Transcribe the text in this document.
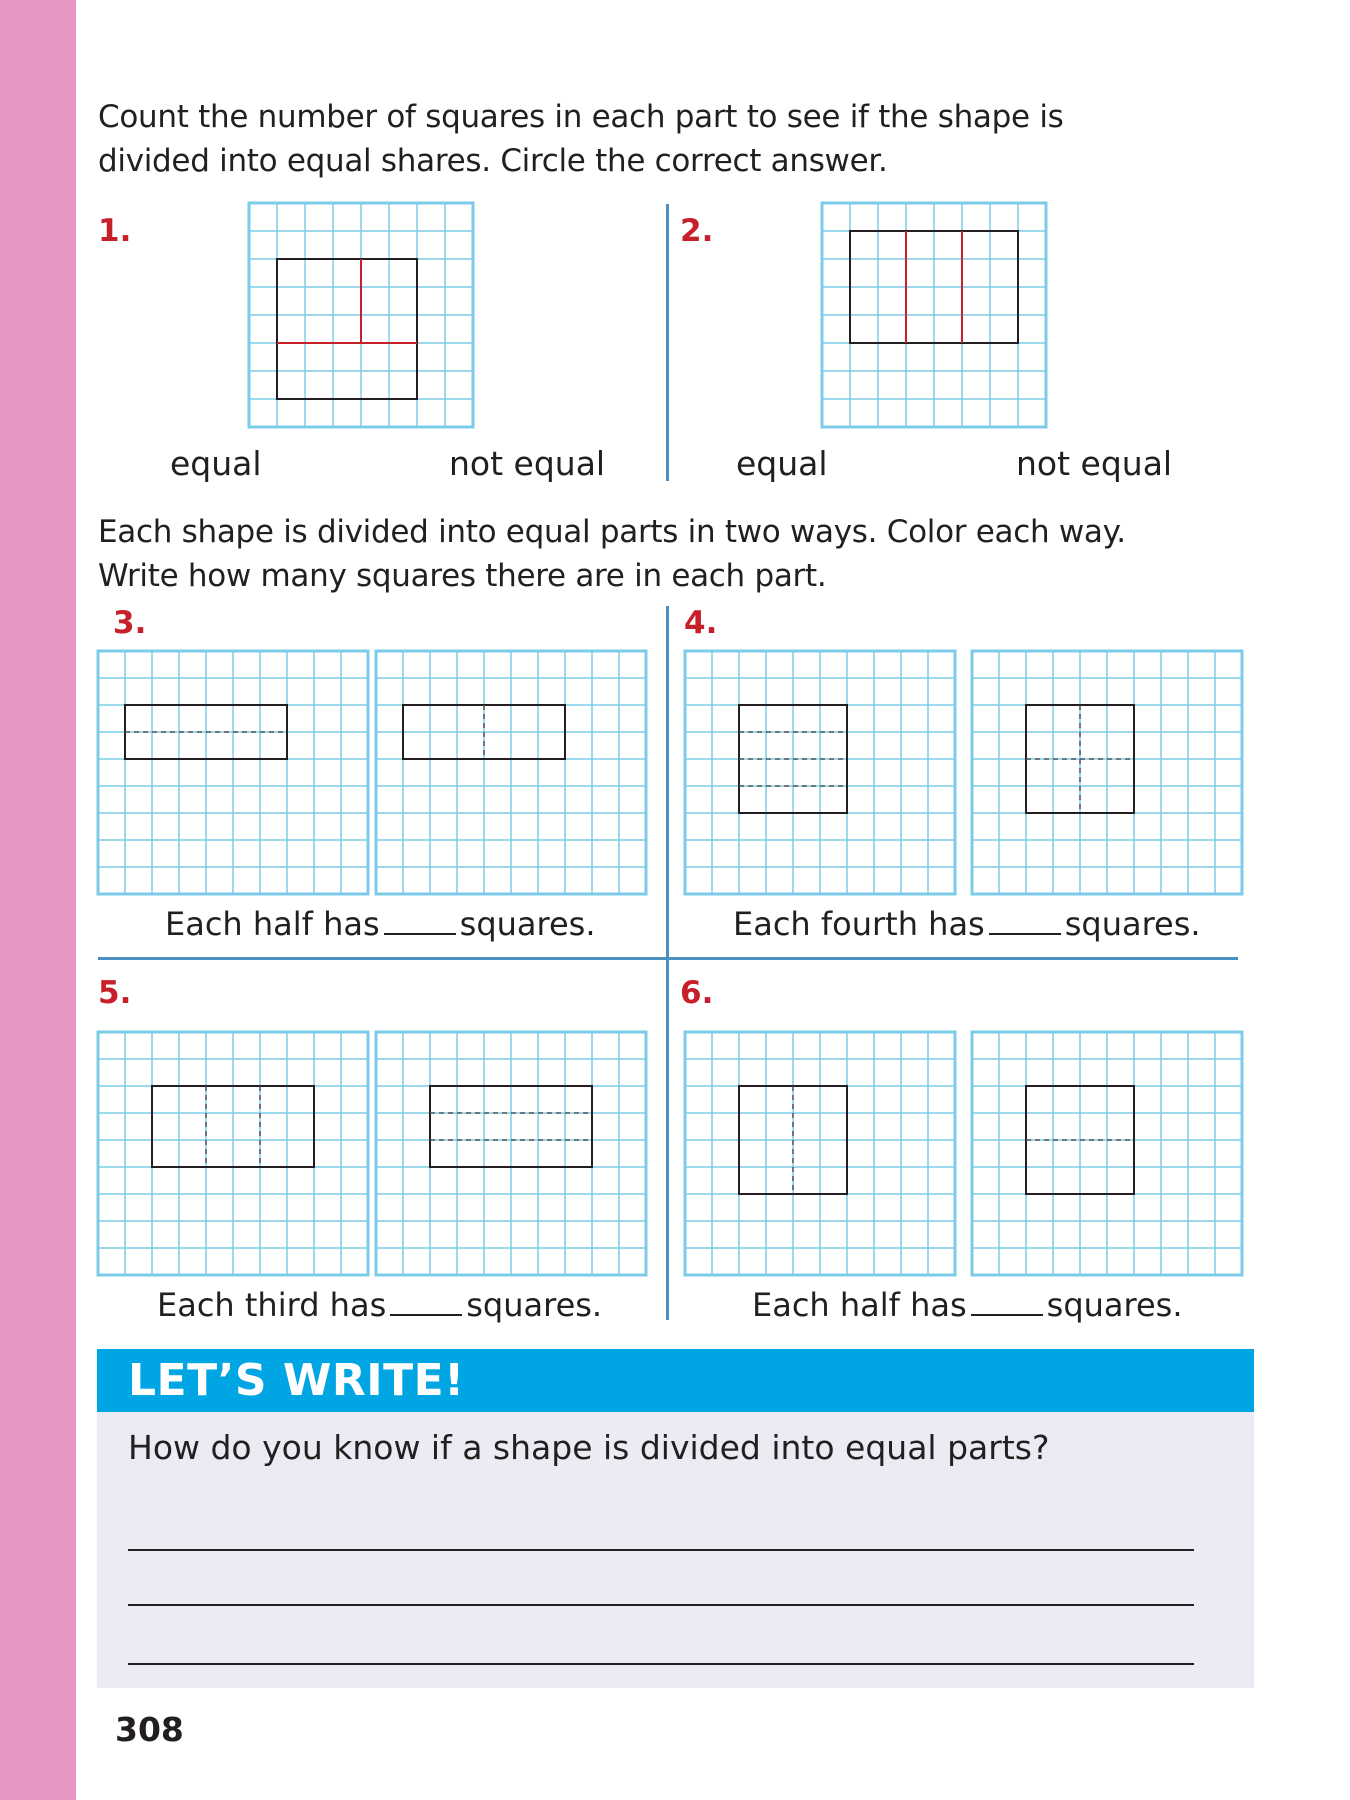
Count the number of squares in each part to see if the shape is
divided into equal shares. Circle the correct answer.
1.
equal	not equal
2.
equal	not equal
Each shape is divided into equal parts in two ways. Color each way.
Write how many squares there are in each part.
3.
Each half has	squares.
4.
Each fourth has	squares.
5.
Each third has	squares.
6.
Each half has	squares.
LET’S WRITE!
How do you know if a shape is divided into equal parts?
308
